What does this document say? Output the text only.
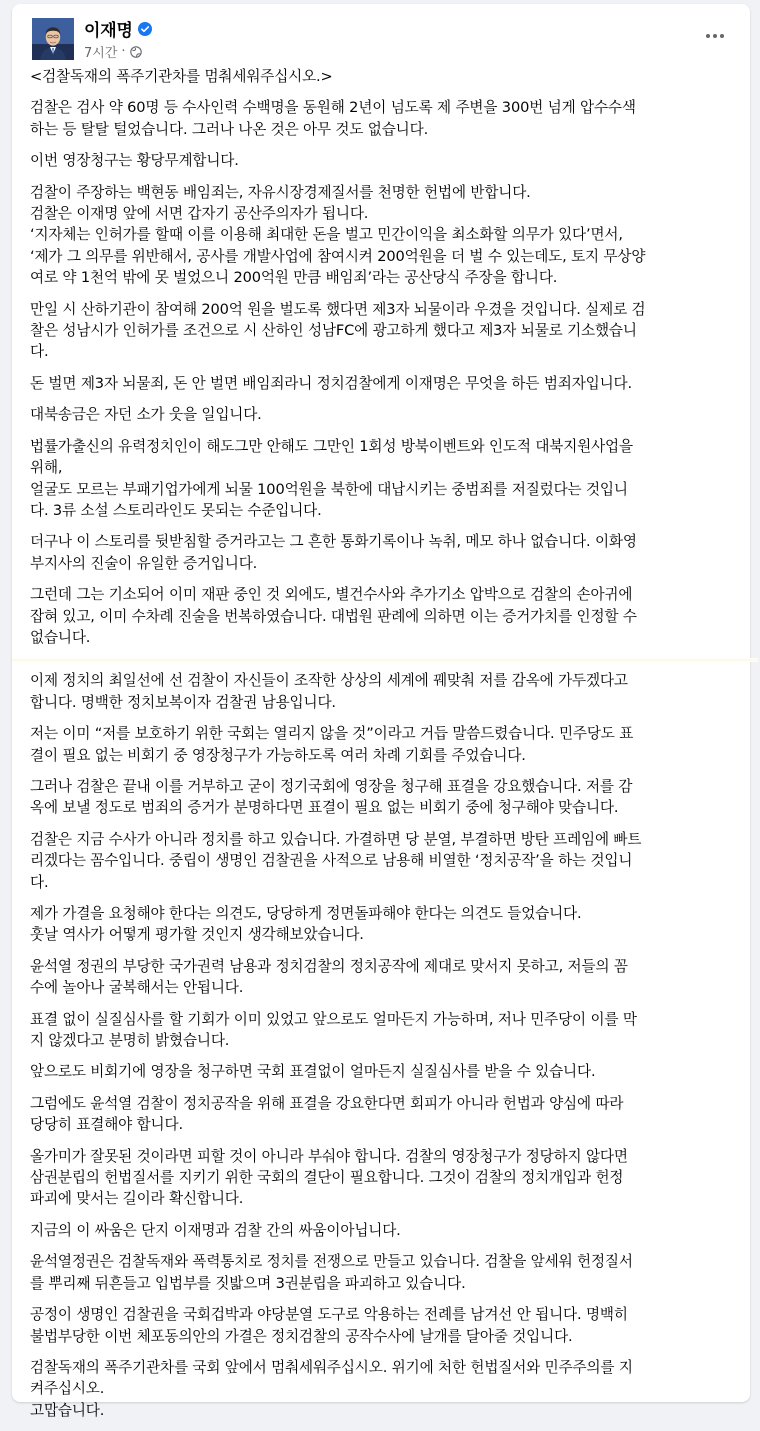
이재명
7시간 ·

<검찰독재의 폭주기관차를 멈춰세워주십시오.>

검찰은 검사 약 60명 등 수사인력 수백명을 동원해 2년이 넘도록 제 주변을 300번 넘게 압수수색
하는 등 탈탈 털었습니다. 그러나 나온 것은 아무 것도 없습니다.

이번 영장청구는 황당무계합니다.

검찰이 주장하는 백현동 배임죄는, 자유시장경제질서를 천명한 헌법에 반합니다.
검찰은 이재명 앞에 서면 갑자기 공산주의자가 됩니다.
‘지자체는 인허가를 할때 이를 이용해 최대한 돈을 벌고 민간이익을 최소화할 의무가 있다’면서,
‘제가 그 의무를 위반해서, 공사를 개발사업에 참여시켜 200억원을 더 벌 수 있는데도, 토지 무상양
여로 약 1천억 밖에 못 벌었으니 200억원 만큼 배임죄’라는 공산당식 주장을 합니다.

만일 시 산하기관이 참여해 200억 원을 벌도록 했다면 제3자 뇌물이라 우겼을 것입니다. 실제로 검
찰은 성남시가 인허가를 조건으로 시 산하인 성남FC에 광고하게 했다고 제3자 뇌물로 기소했습니
다.

돈 벌면 제3자 뇌물죄, 돈 안 벌면 배임죄라니 정치검찰에게 이재명은 무엇을 하든 범죄자입니다.

대북송금은 자던 소가 웃을 일입니다.

법률가출신의 유력정치인이 해도그만 안해도 그만인 1회성 방북이벤트와 인도적 대북지원사업을
위해,
얼굴도 모르는 부패기업가에게 뇌물 100억원을 북한에 대납시키는 중범죄를 저질렀다는 것입니
다. 3류 소설 스토리라인도 못되는 수준입니다.

더구나 이 스토리를 뒷받침할 증거라고는 그 흔한 통화기록이나 녹취, 메모 하나 없습니다. 이화영
부지사의 진술이 유일한 증거입니다.

그런데 그는 기소되어 이미 재판 중인 것 외에도, 별건수사와 추가기소 압박으로 검찰의 손아귀에
잡혀 있고, 이미 수차례 진술을 번복하였습니다. 대법원 판례에 의하면 이는 증거가치를 인정할 수
없습니다.

이제 정치의 최일선에 선 검찰이 자신들이 조작한 상상의 세계에 꿰맞춰 저를 감옥에 가두겠다고
합니다. 명백한 정치보복이자 검찰권 남용입니다.

저는 이미 “저를 보호하기 위한 국회는 열리지 않을 것”이라고 거듭 말씀드렸습니다. 민주당도 표
결이 필요 없는 비회기 중 영장청구가 가능하도록 여러 차례 기회를 주었습니다.

그러나 검찰은 끝내 이를 거부하고 굳이 정기국회에 영장을 청구해 표결을 강요했습니다. 저를 감
옥에 보낼 정도로 범죄의 증거가 분명하다면 표결이 필요 없는 비회기 중에 청구해야 맞습니다.

검찰은 지금 수사가 아니라 정치를 하고 있습니다. 가결하면 당 분열, 부결하면 방탄 프레임에 빠트
리겠다는 꼼수입니다. 중립이 생명인 검찰권을 사적으로 남용해 비열한 ‘정치공작’을 하는 것입니
다.

제가 가결을 요청해야 한다는 의견도, 당당하게 정면돌파해야 한다는 의견도 들었습니다.
훗날 역사가 어떻게 평가할 것인지 생각해보았습니다.

윤석열 정권의 부당한 국가권력 남용과 정치검찰의 정치공작에 제대로 맞서지 못하고, 저들의 꼼
수에 놀아나 굴복해서는 안됩니다.

표결 없이 실질심사를 할 기회가 이미 있었고 앞으로도 얼마든지 가능하며, 저나 민주당이 이를 막
지 않겠다고 분명히 밝혔습니다.

앞으로도 비회기에 영장을 청구하면 국회 표결없이 얼마든지 실질심사를 받을 수 있습니다.

그럼에도 윤석열 검찰이 정치공작을 위해 표결을 강요한다면 회피가 아니라 헌법과 양심에 따라
당당히 표결해야 합니다.

올가미가 잘못된 것이라면 피할 것이 아니라 부숴야 합니다. 검찰의 영장청구가 정당하지 않다면
삼권분립의 헌법질서를 지키기 위한 국회의 결단이 필요합니다. 그것이 검찰의 정치개입과 헌정
파괴에 맞서는 길이라 확신합니다.

지금의 이 싸움은 단지 이재명과 검찰 간의 싸움이아닙니다.

윤석열정권은 검찰독재와 폭력통치로 정치를 전쟁으로 만들고 있습니다. 검찰을 앞세워 헌정질서
를 뿌리째 뒤흔들고 입법부를 짓밟으며 3권분립을 파괴하고 있습니다.

공정이 생명인 검찰권을 국회겁박과 야당분열 도구로 악용하는 전례를 남겨선 안 됩니다. 명백히
불법부당한 이번 체포동의안의 가결은 정치검찰의 공작수사에 날개를 달아줄 것입니다.

검찰독재의 폭주기관차를 국회 앞에서 멈춰세워주십시오. 위기에 처한 헌법질서와 민주주의를 지
켜주십시오.
고맙습니다.
